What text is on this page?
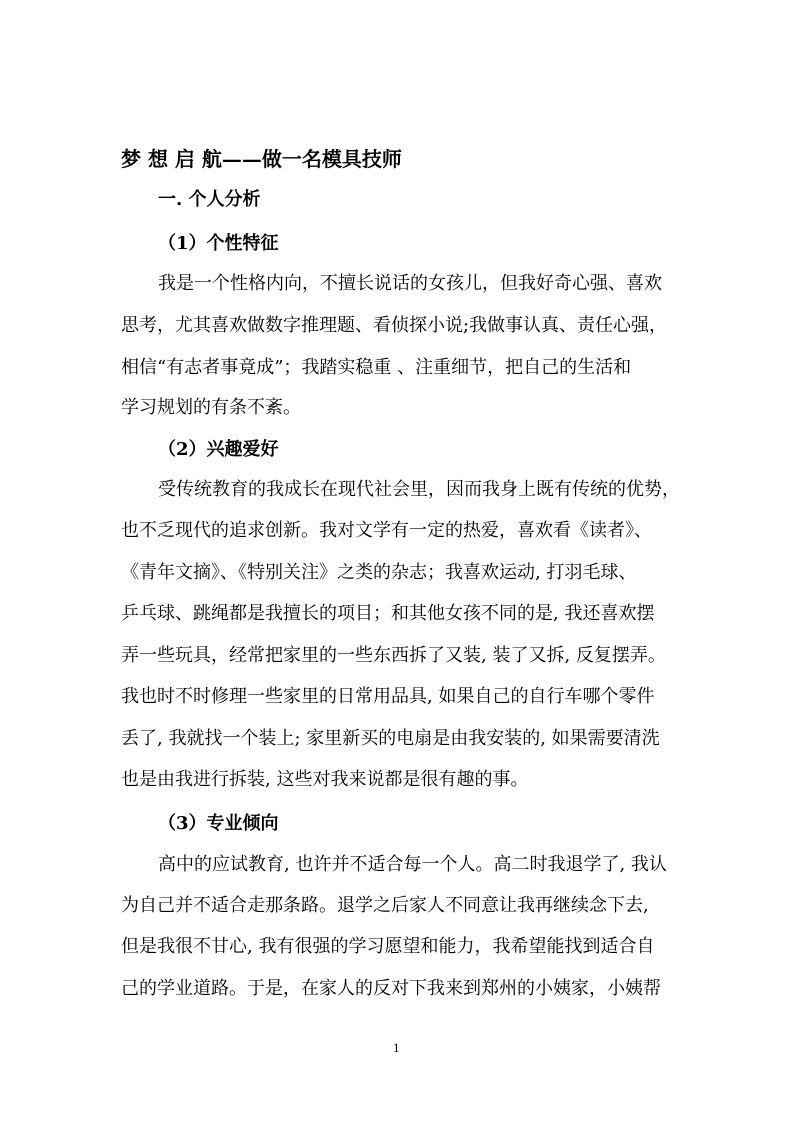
梦 想 启 航——做一名模具技师

一. 个人分析

（1）个性特征

我是一个性格内向，不擅长说话的女孩儿，但我好奇心强、喜欢

思考，尤其喜欢做数字推理题、看侦探小说;我做事认真、责任心强，

相信“有志者事竟成”；我踏实稳重 、注重细节，把自己的生活和

学习规划的有条不紊。

（2）兴趣爱好

受传统教育的我成长在现代社会里，因而我身上既有传统的优势，

也不乏现代的追求创新。我对文学有一定的热爱，喜欢看《读者》、

《青年文摘》、《特别关注》之类的杂志；我喜欢运动, 打羽毛球、

乒乓球、跳绳都是我擅长的项目；和其他女孩不同的是, 我还喜欢摆

弄一些玩具，经常把家里的一些东西拆了又装, 装了又拆, 反复摆弄。

我也时不时修理一些家里的日常用品具, 如果自己的自行车哪个零件

丢了, 我就找一个装上; 家里新买的电扇是由我安装的, 如果需要清洗

也是由我进行拆装, 这些对我来说都是很有趣的事。

（3）专业倾向

高中的应试教育, 也许并不适合每一个人。高二时我退学了, 我认

为自己并不适合走那条路。退学之后家人不同意让我再继续念下去,

但是我很不甘心, 我有很强的学习愿望和能力，我希望能找到适合自

己的学业道路。于是，在家人的反对下我来到郑州的小姨家，小姨帮

1
